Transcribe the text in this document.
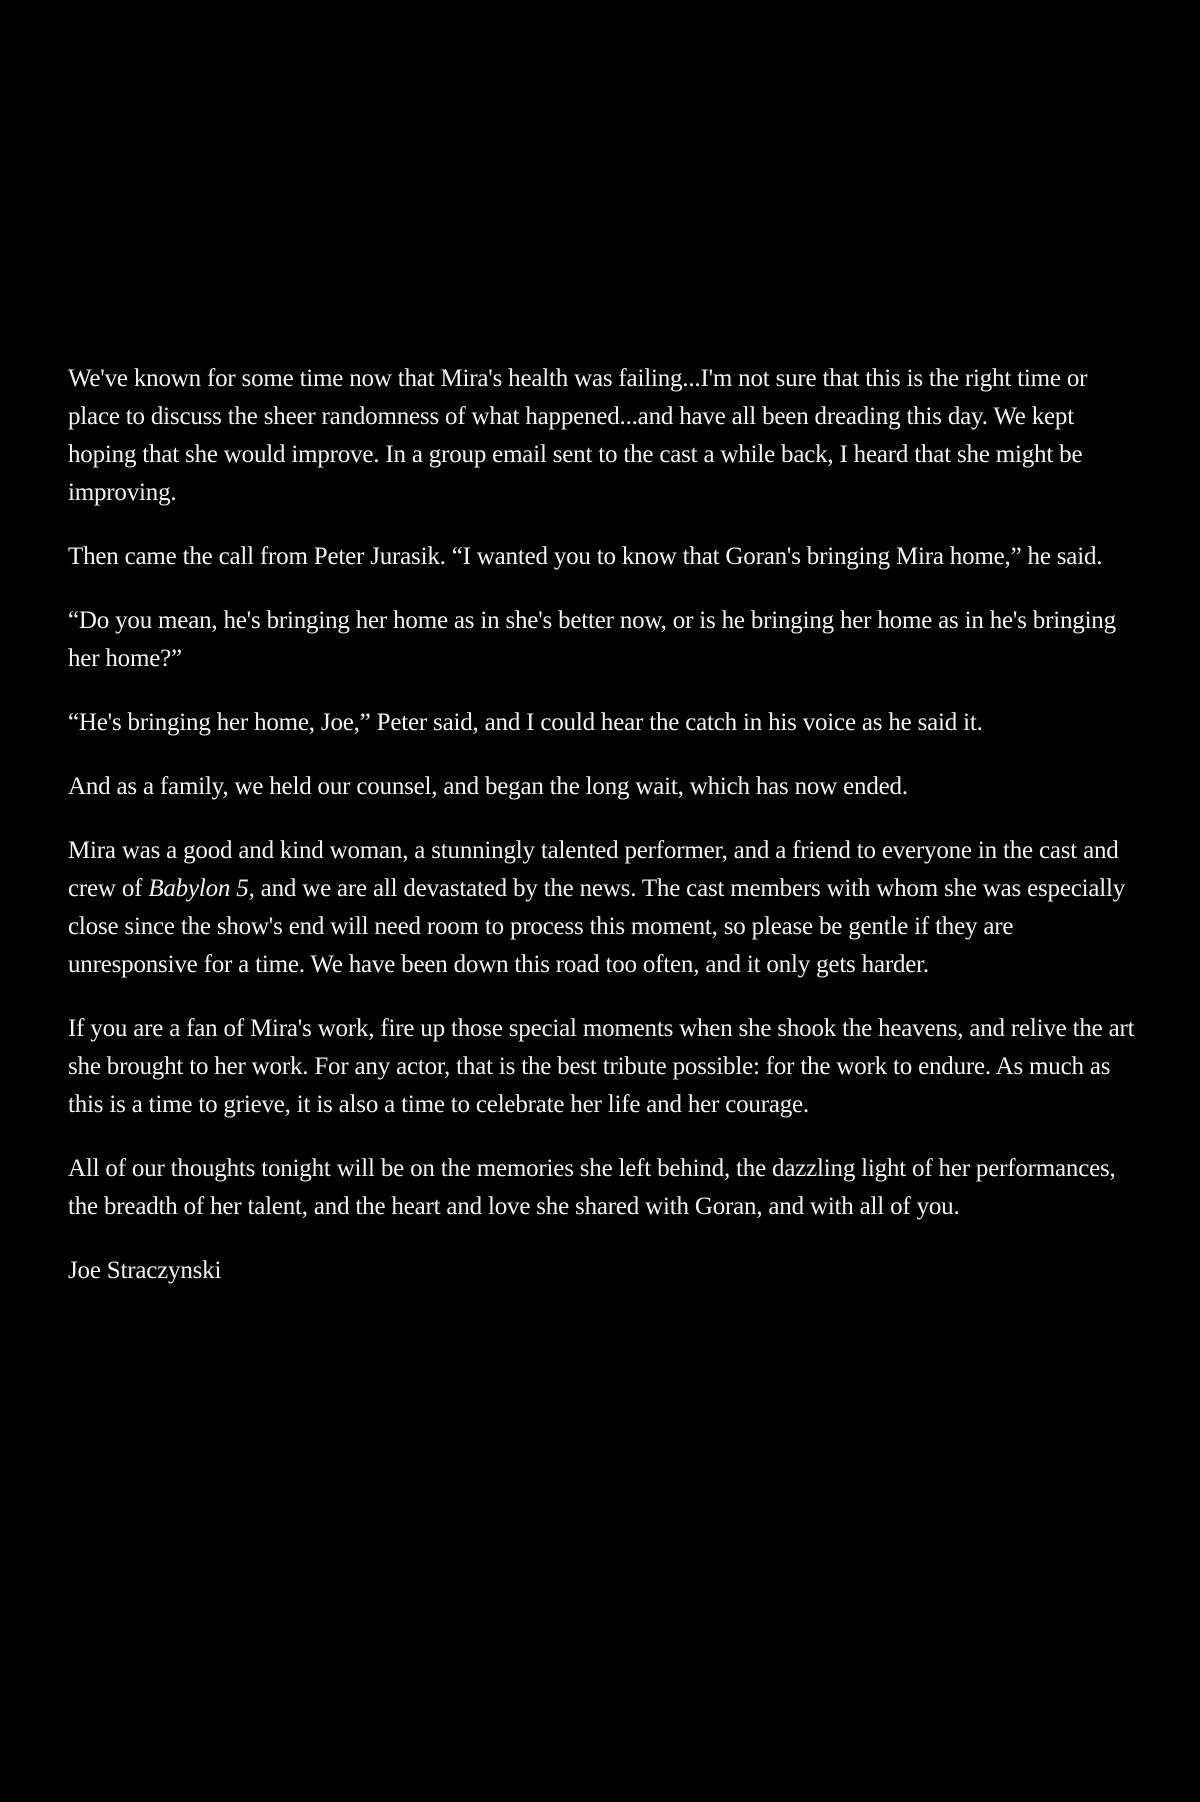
We've known for some time now that Mira's health was failing...I'm not sure that this is the right time or place to discuss the sheer randomness of what happened...and have all been dreading this day. We kept hoping that she would improve. In a group email sent to the cast a while back, I heard that she might be improving.

Then came the call from Peter Jurasik. “I wanted you to know that Goran's bringing Mira home,” he said.

“Do you mean, he's bringing her home as in she's better now, or is he bringing her home as in he's bringing her home?”

“He's bringing her home, Joe,” Peter said, and I could hear the catch in his voice as he said it.

And as a family, we held our counsel, and began the long wait, which has now ended.

Mira was a good and kind woman, a stunningly talented performer, and a friend to everyone in the cast and crew of Babylon 5, and we are all devastated by the news. The cast members with whom she was especially close since the show's end will need room to process this moment, so please be gentle if they are unresponsive for a time. We have been down this road too often, and it only gets harder.

If you are a fan of Mira's work, fire up those special moments when she shook the heavens, and relive the art she brought to her work. For any actor, that is the best tribute possible: for the work to endure. As much as this is a time to grieve, it is also a time to celebrate her life and her courage.

All of our thoughts tonight will be on the memories she left behind, the dazzling light of her performances, the breadth of her talent, and the heart and love she shared with Goran, and with all of you.

Joe Straczynski
